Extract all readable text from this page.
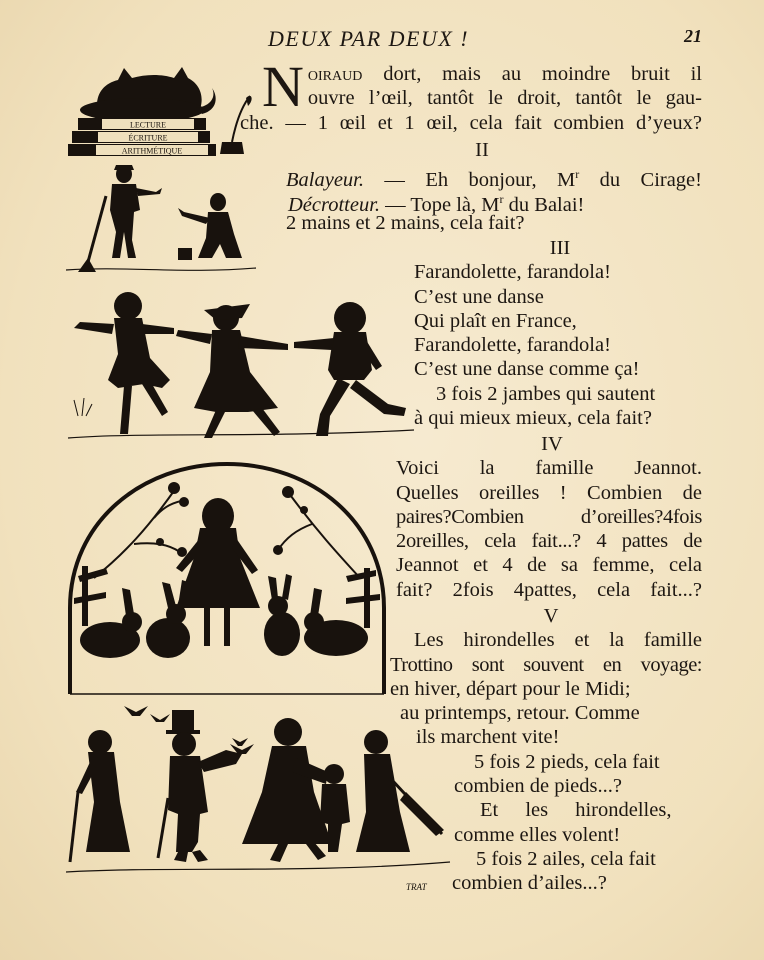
DEUX PAR DEUX !	21
LECTURE
ÉCRITURE
ARITHMÉTIQUE
TRAT
N oiraud dort, mais au moindre bruit il
ouvre l’œil, tantôt le droit, tantôt le gau-
che. — 1 œil et 1 œil, cela fait combien d’yeux?
II
Balayeur. — Eh bonjour, $M^r$ du Cirage!
Décrotteur. — Tope là, $M^r$ du Balai!
2 mains et 2 mains, cela fait?
III
Farandolette, farandola!
C’est une danse
Qui plaît en France,
Farandolette, farandola!
C’est une danse comme ça!
3 fois 2 jambes qui sautent
à qui mieux mieux, cela fait?
IV
Voici la famille Jeannot.
Quelles oreilles ! Combien de
paires?Combien d’oreilles?4fois
2oreilles, cela fait...? 4 pattes de
Jeannot et 4 de sa femme, cela
fait? 2fois 4pattes, cela fait...?
V
Les hirondelles et la famille
Trottino sont souvent en voyage:
en hiver, départ pour le Midi;
au printemps, retour. Comme
ils marchent vite!
5 fois 2 pieds, cela fait
combien de pieds...?
Et les hirondelles,
comme elles volent!
5 fois 2 ailes, cela fait
combien d’ailes...?
